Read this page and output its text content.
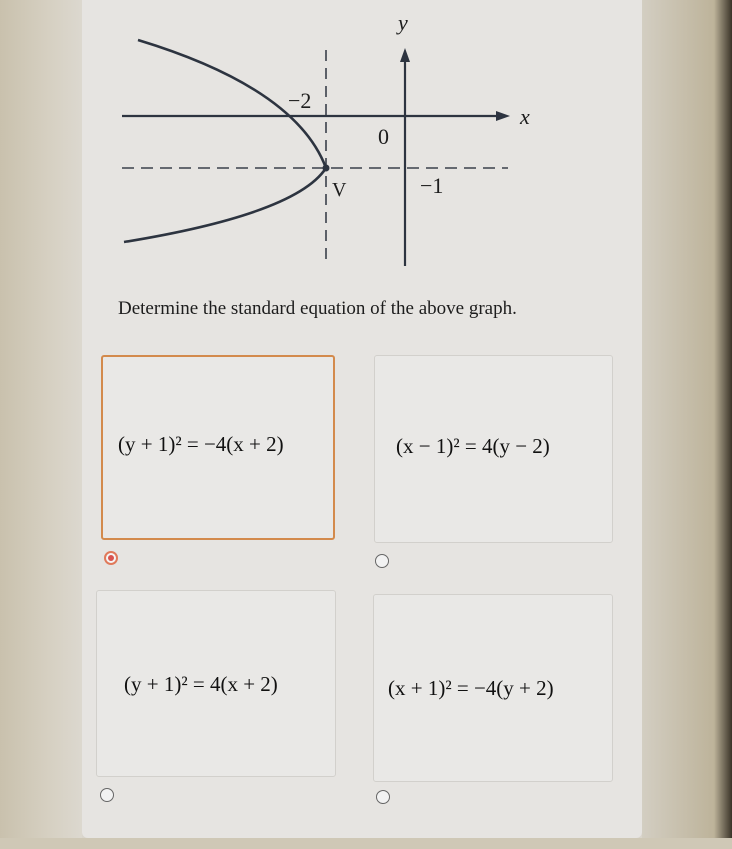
y
x
0
−2
−1
V
Determine the standard equation of the above graph.
(y + 1)² = −4(x + 2)	(x − 1)² = 4(y − 2)
(y + 1)² = 4(x + 2)	(x + 1)² = −4(y + 2)
